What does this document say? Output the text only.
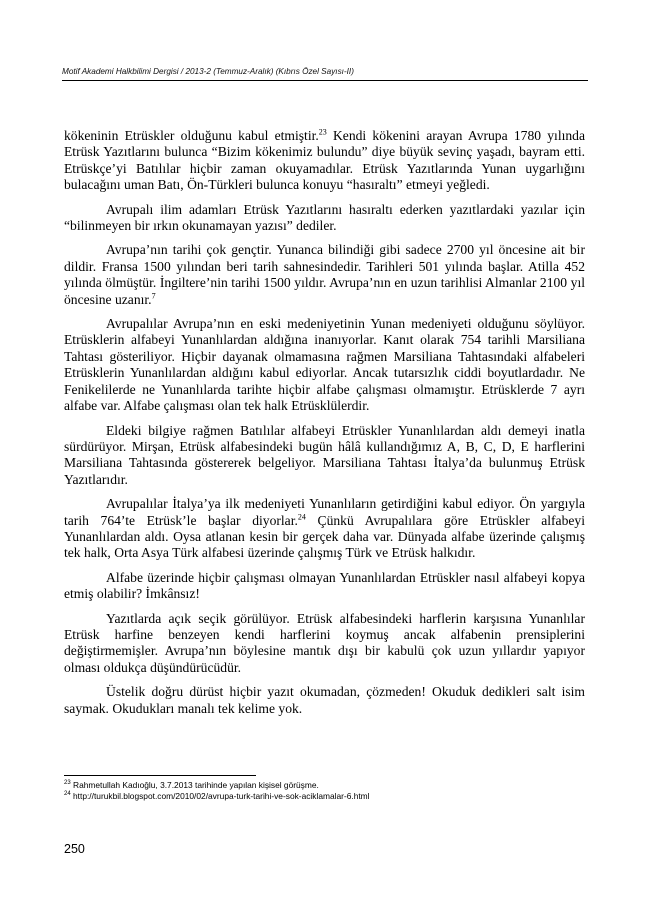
Motif Akademi Halkbilimi Dergisi / 2013-2 (Temmuz-Aralık) (Kıbrıs Özel Sayısı-II)

kökeninin Etrüskler olduğunu kabul etmiştir.$^{23}$ Kendi kökenini arayan Avrupa 1780 yılında Etrüsk Yazıtlarını bulunca “Bizim kökenimiz bulundu” diye büyük sevinç yaşadı, bayram etti. Etrüskçe’yi Batılılar hiçbir zaman okuyamadılar. Etrüsk Yazıtlarında Yunan uygarlığını bulacağını uman Batı, Ön-Türkleri bulunca konuyu “hasıraltı” etmeyi yeğledi.

Avrupalı ilim adamları Etrüsk Yazıtlarını hasıraltı ederken yazıtlardaki yazılar için “bilinmeyen bir ırkın okunamayan yazısı” dediler.

Avrupa’nın tarihi çok gençtir. Yunanca bilindiği gibi sadece 2700 yıl öncesine ait bir dildir. Fransa 1500 yılından beri tarih sahnesindedir. Tarihleri 501 yılında başlar. Atilla 452 yılında ölmüştür. İngiltere’nin tarihi 1500 yıldır. Avrupa’nın en uzun tarihlisi Almanlar 2100 yıl öncesine uzanır.$^7$

Avrupalılar Avrupa’nın en eski medeniyetinin Yunan medeniyeti olduğunu söylüyor. Etrüsklerin alfabeyi Yunanlılardan aldığına inanıyorlar. Kanıt olarak 754 tarihli Marsiliana Tahtası gösteriliyor. Hiçbir dayanak olmamasına rağmen Marsiliana Tahtasındaki alfabeleri Etrüsklerin Yunanlılardan aldığını kabul ediyorlar. Ancak tutarsızlık ciddi boyutlardadır. Ne Fenikelilerde ne Yunanlılarda tarihte hiçbir alfabe çalışması olmamıştır. Etrüsklerde 7 ayrı alfabe var. Alfabe çalışması olan tek halk Etrüsklülerdir.

Eldeki bilgiye rağmen Batılılar alfabeyi Etrüskler Yunanlılardan aldı demeyi inatla sürdürüyor. Mirşan, Etrüsk alfabesindeki bugün hâlâ kullandığımız A, B, C, D, E harflerini Marsiliana Tahtasında göstererek belgeliyor. Marsiliana Tahtası İtalya’da bulunmuş Etrüsk Yazıtlarıdır.

Avrupalılar İtalya’ya ilk medeniyeti Yunanlıların getirdiğini kabul ediyor. Ön yargıyla tarih 764’te Etrüsk’le başlar diyorlar.$^{24}$ Çünkü Avrupalılara göre Etrüskler alfabeyi Yunanlılardan aldı. Oysa atlanan kesin bir gerçek daha var. Dünyada alfabe üzerinde çalışmış tek halk, Orta Asya Türk alfabesi üzerinde çalışmış Türk ve Etrüsk halkıdır.

Alfabe üzerinde hiçbir çalışması olmayan Yunanlılardan Etrüskler nasıl alfabeyi kopya etmiş olabilir? İmkânsız!

Yazıtlarda açık seçik görülüyor. Etrüsk alfabesindeki harflerin karşısına Yunanlılar Etrüsk harfine benzeyen kendi harflerini koymuş ancak alfabenin prensiplerini değiştirmemişler. Avrupa’nın böylesine mantık dışı bir kabulü çok uzun yıllardır yapıyor olması oldukça düşündürücüdür.

Üstelik doğru dürüst hiçbir yazıt okumadan, çözmeden! Okuduk dedikleri salt isim saymak. Okudukları manalı tek kelime yok.

$^{23}$ Rahmetullah Kadıoğlu, 3.7.2013 tarihinde yapılan kişisel görüşme.
$^{24}$ http://turukbil.blogspot.com/2010/02/avrupa-turk-tarihi-ve-sok-aciklamalar-6.html
250
